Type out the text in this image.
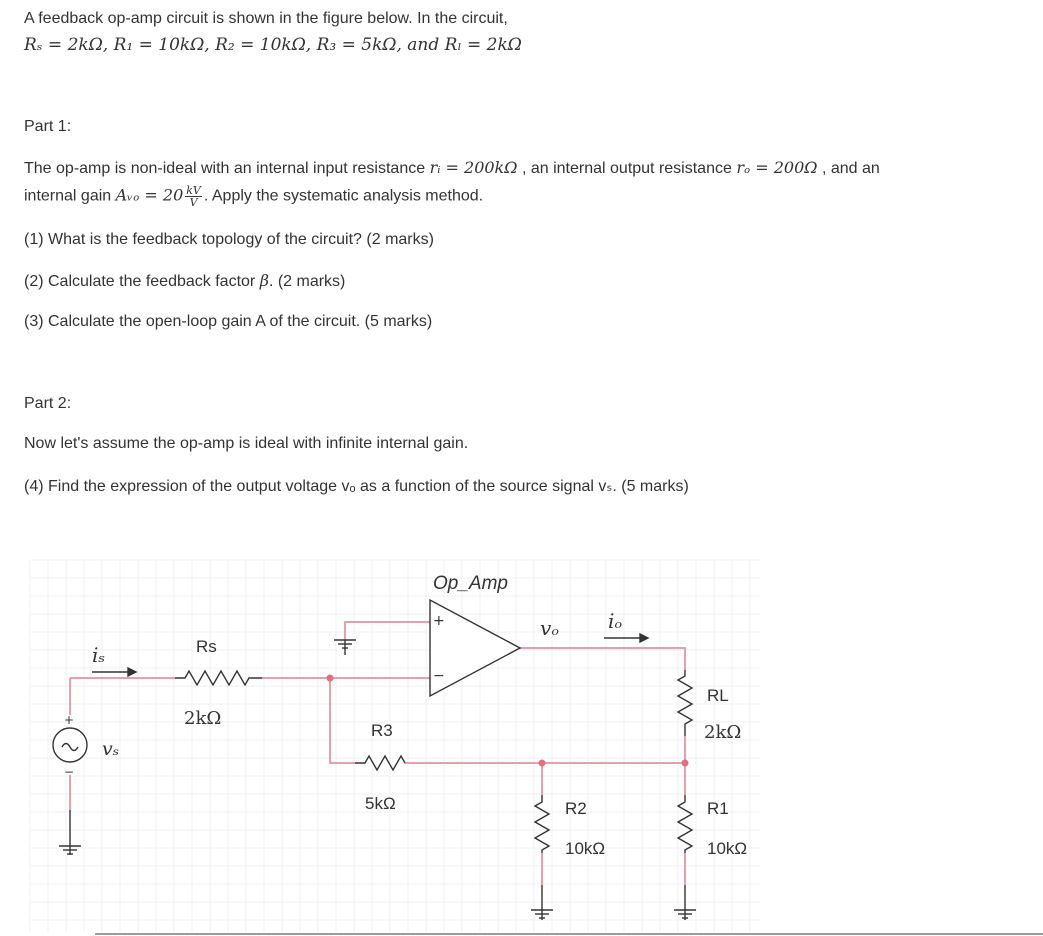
A feedback op-amp circuit is shown in the figure below. In the circuit,

Rₛ = 2kΩ, R₁ = 10kΩ, R₂ = 10kΩ, R₃ = 5kΩ, and Rₗ = 2kΩ

Part 1:

The op-amp is non-ideal with an internal input resistance rᵢ = 200kΩ , an internal output resistance rₒ = 200Ω , and an

internal gain Aᵥₒ = $20 \frac{kV}{V}$ . Apply the systematic analysis method.

(1) What is the feedback topology of the circuit? (2 marks)

(2) Calculate the feedback factor β. (2 marks)

(3) Calculate the open-loop gain A of the circuit. (5 marks)

Part 2:

Now let's assume the op-amp is ideal with infinite internal gain.

(4) Find the expression of the output voltage vₒ as a function of the source signal vₛ. (5 marks)

Op_Amp
+
−
vₒ iₒ
iₛ
vₛ
+
−
Rs
2kΩ
R3
5kΩ	R2
10kΩ
RL
2kΩ
R1
10kΩ
